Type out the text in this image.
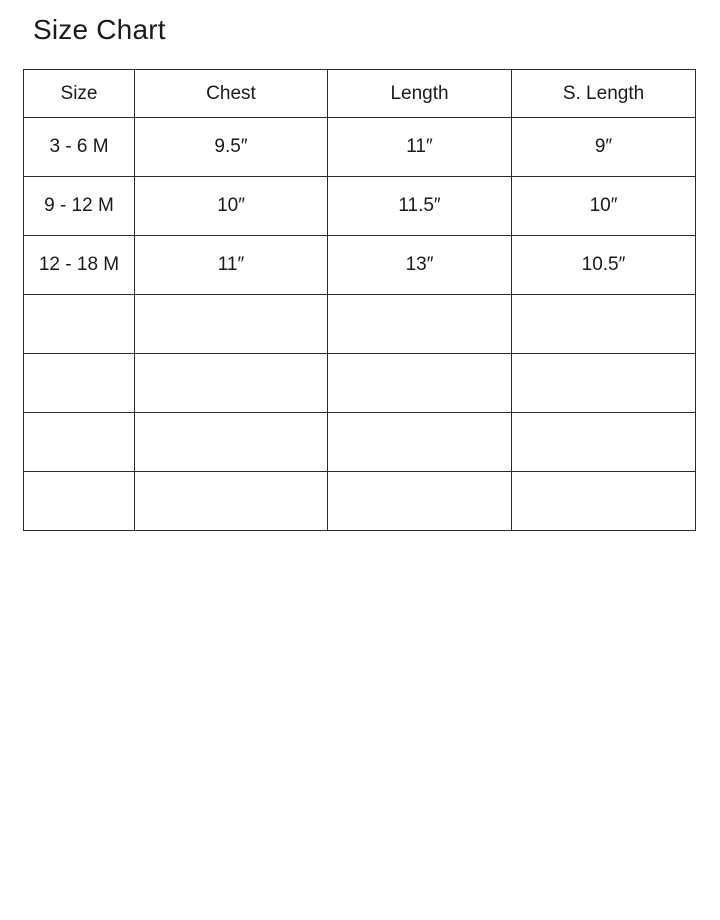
Size Chart
Size	Chest	Length	S. Length
3 - 6 M	9.5″	11″	9″
9 - 12 M	10″	11.5″	10″
12 - 18 M	11″	13″	10.5″
